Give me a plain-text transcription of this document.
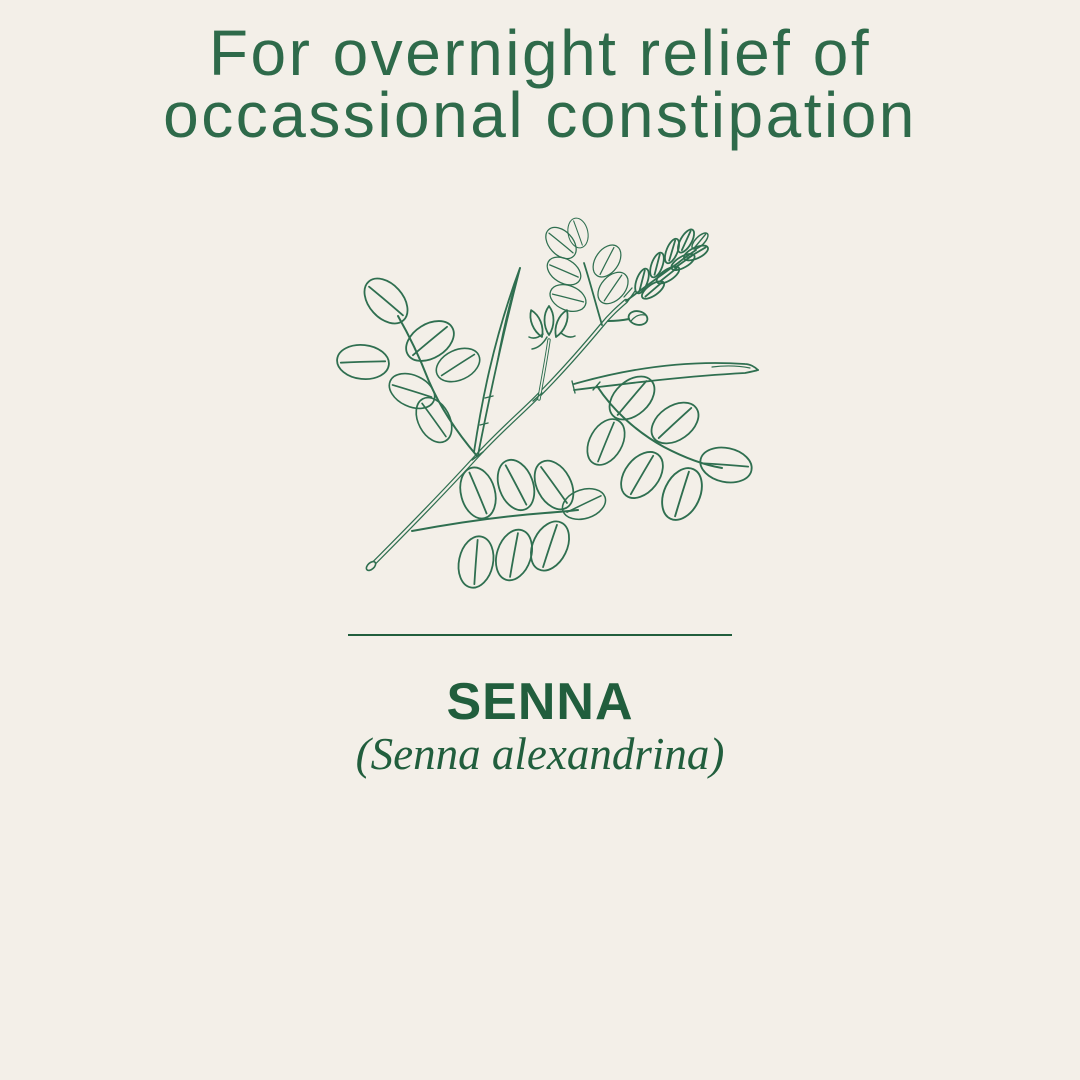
For overnight relief of
occassional constipation
SENNA
(Senna alexandrina)
